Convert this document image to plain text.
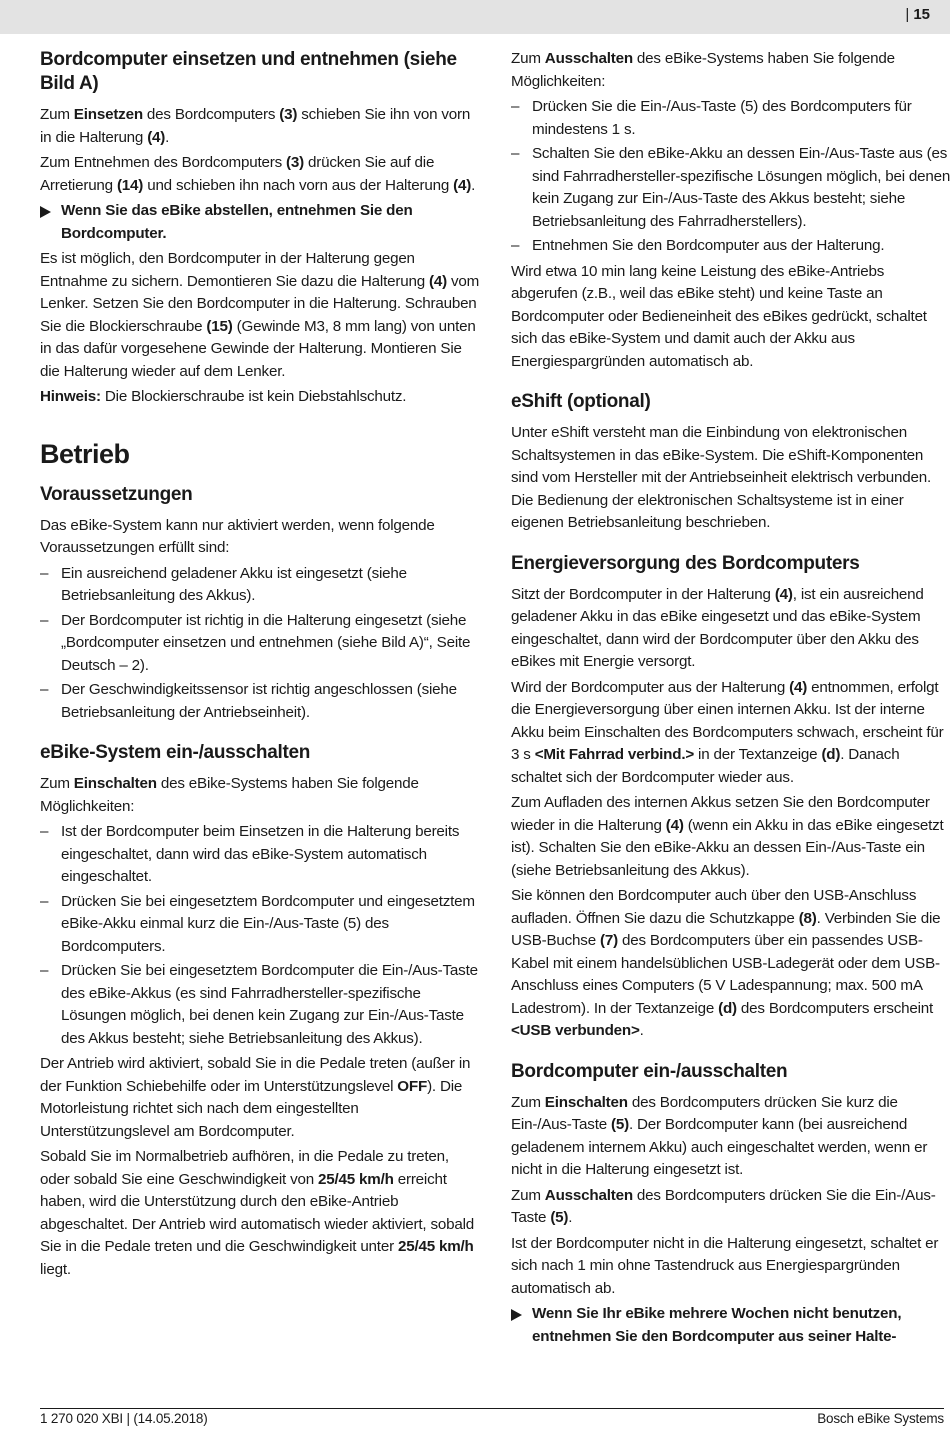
| 15
Bordcomputer einsetzen und entnehmen (siehe Bild A)

Zum Einsetzen des Bordcomputers (3) schieben Sie ihn von vorn in die Halterung (4).

Zum Entnehmen des Bordcomputers (3) drücken Sie auf die Arretierung (14) und schieben ihn nach vorn aus der Halterung (4).

Wenn Sie das eBike abstellen, entnehmen Sie den Bordcomputer.

Es ist möglich, den Bordcomputer in der Halterung gegen Entnahme zu sichern. Demontieren Sie dazu die Halterung (4) vom Lenker. Setzen Sie den Bordcomputer in die Halterung. Schrauben Sie die Blockierschraube (15) (Gewinde M3, 8 mm lang) von unten in das dafür vorgesehene Gewinde der Halterung. Montieren Sie die Halterung wieder auf dem Lenker.

Hinweis: Die Blockierschraube ist kein Diebstahlschutz.

Betrieb
Voraussetzungen

Das eBike-System kann nur aktiviert werden, wenn folgende Voraussetzungen erfüllt sind:

– Ein ausreichend geladener Akku ist eingesetzt (siehe Betriebsanleitung des Akkus).
– Der Bordcomputer ist richtig in die Halterung eingesetzt (siehe „Bordcomputer einsetzen und entnehmen (siehe Bild A)“, Seite Deutsch – 2).
– Der Geschwindigkeitssensor ist richtig angeschlossen (siehe Betriebsanleitung der Antriebseinheit).
eBike-System ein-/ausschalten

Zum Einschalten des eBike-Systems haben Sie folgende Möglichkeiten:

– Ist der Bordcomputer beim Einsetzen in die Halterung bereits eingeschaltet, dann wird das eBike-System automatisch eingeschaltet.
– Drücken Sie bei eingesetztem Bordcomputer und eingesetztem eBike-Akku einmal kurz die Ein-/Aus-Taste (5) des Bordcomputers.
– Drücken Sie bei eingesetztem Bordcomputer die Ein-/Aus-Taste des eBike-Akkus (es sind Fahrradhersteller-spezifische Lösungen möglich, bei denen kein Zugang zur Ein-/Aus-Taste des Akkus besteht; siehe Betriebsanleitung des Akkus).

Der Antrieb wird aktiviert, sobald Sie in die Pedale treten (außer in der Funktion Schiebehilfe oder im Unterstützungslevel OFF). Die Motorleistung richtet sich nach dem eingestellten Unterstützungslevel am Bordcomputer.

Sobald Sie im Normalbetrieb aufhören, in die Pedale zu treten, oder sobald Sie eine Geschwindigkeit von 25/45 km/h erreicht haben, wird die Unterstützung durch den eBike-Antrieb abgeschaltet. Der Antrieb wird automatisch wieder aktiviert, sobald Sie in die Pedale treten und die Geschwindigkeit unter 25/45 km/h liegt.

Zum Ausschalten des eBike-Systems haben Sie folgende Möglichkeiten:

– Drücken Sie die Ein-/Aus-Taste (5) des Bordcomputers für mindestens 1 s.
– Schalten Sie den eBike-Akku an dessen Ein-/Aus-Taste aus (es sind Fahrradhersteller-spezifische Lösungen möglich, bei denen kein Zugang zur Ein-/Aus-Taste des Akkus besteht; siehe Betriebsanleitung des Fahrradherstellers).
– Entnehmen Sie den Bordcomputer aus der Halterung.

Wird etwa 10 min lang keine Leistung des eBike-Antriebs abgerufen (z.B., weil das eBike steht) und keine Taste an Bordcomputer oder Bedieneinheit des eBikes gedrückt, schaltet sich das eBike-System und damit auch der Akku aus Energiespargründen automatisch ab.

eShift (optional)

Unter eShift versteht man die Einbindung von elektronischen Schaltsystemen in das eBike-System. Die eShift-Komponenten sind vom Hersteller mit der Antriebseinheit elektrisch verbunden. Die Bedienung der elektronischen Schaltsysteme ist in einer eigenen Betriebsanleitung beschrieben.

Energieversorgung des Bordcomputers

Sitzt der Bordcomputer in der Halterung (4), ist ein ausreichend geladener Akku in das eBike eingesetzt und das eBike-System eingeschaltet, dann wird der Bordcomputer über den Akku des eBikes mit Energie versorgt.

Wird der Bordcomputer aus der Halterung (4) entnommen, erfolgt die Energieversorgung über einen internen Akku. Ist der interne Akku beim Einschalten des Bordcomputers schwach, erscheint für 3 s <Mit Fahrrad verbind.> in der Textanzeige (d). Danach schaltet sich der Bordcomputer wieder aus.

Zum Aufladen des internen Akkus setzen Sie den Bordcomputer wieder in die Halterung (4) (wenn ein Akku in das eBike eingesetzt ist). Schalten Sie den eBike-Akku an dessen Ein-/Aus-Taste ein (siehe Betriebsanleitung des Akkus).

Sie können den Bordcomputer auch über den USB-Anschluss aufladen. Öffnen Sie dazu die Schutzkappe (8). Verbinden Sie die USB-Buchse (7) des Bordcomputers über ein passendes USB-Kabel mit einem handelsüblichen USB-Ladegerät oder dem USB-Anschluss eines Computers (5 V Ladespannung; max. 500 mA Ladestrom). In der Textanzeige (d) des Bordcomputers erscheint <USB verbunden>.

Bordcomputer ein-/ausschalten

Zum Einschalten des Bordcomputers drücken Sie kurz die Ein-/Aus-Taste (5). Der Bordcomputer kann (bei ausreichend geladenem internem Akku) auch eingeschaltet werden, wenn er nicht in die Halterung eingesetzt ist.

Zum Ausschalten des Bordcomputers drücken Sie die Ein-/Aus-Taste (5).

Ist der Bordcomputer nicht in die Halterung eingesetzt, schaltet er sich nach 1 min ohne Tastendruck aus Energiespargründen automatisch ab.

Wenn Sie Ihr eBike mehrere Wochen nicht benutzen, entnehmen Sie den Bordcomputer aus seiner Halte-
1 270 020 XBI | (14.05.2018)	Bosch eBike Systems
